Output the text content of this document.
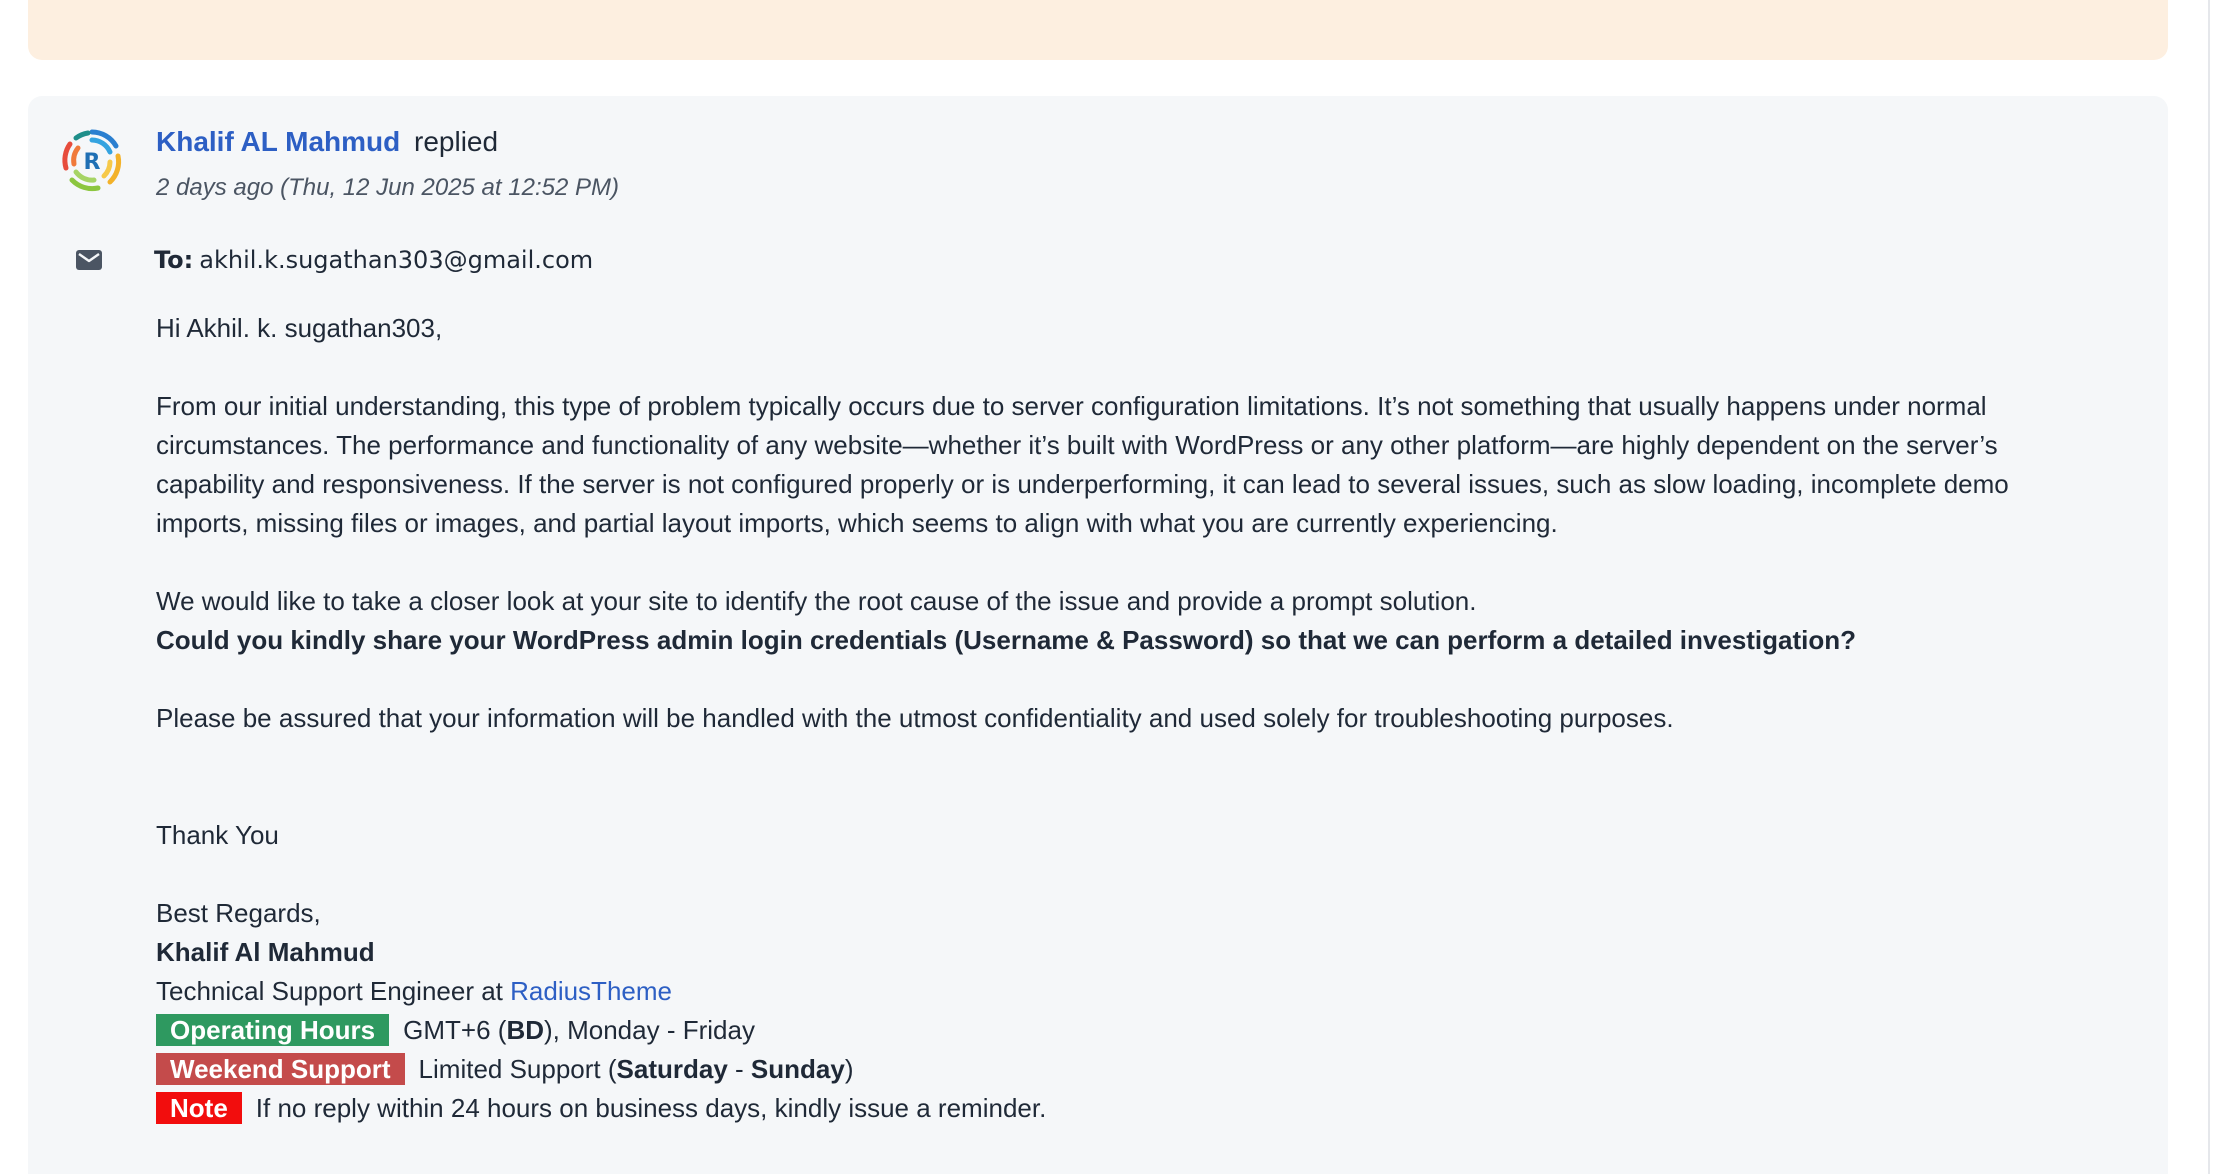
R
Khalif AL Mahmud replied
2 days ago (Thu, 12 Jun 2025 at 12:52 PM)
To: akhil.k.sugathan303@gmail.com
Hi Akhil. k. sugathan303,
From our initial understanding, this type of problem typically occurs due to server configuration limitations. It’s not something that usually happens under normal
circumstances. The performance and functionality of any website—whether it’s built with WordPress or any other platform—are highly dependent on the server’s
capability and responsiveness. If the server is not configured properly or is underperforming, it can lead to several issues, such as slow loading, incomplete demo
imports, missing files or images, and partial layout imports, which seems to align with what you are currently experiencing.
We would like to take a closer look at your site to identify the root cause of the issue and provide a prompt solution.
Could you kindly share your WordPress admin login credentials (Username & Password) so that we can perform a detailed investigation?
Please be assured that your information will be handled with the utmost confidentiality and used solely for troubleshooting purposes.
Thank You
Best Regards,
Khalif Al Mahmud
Technical Support Engineer at RadiusTheme
Operating Hours GMT+6 (BD), Monday - Friday
Weekend Support Limited Support (Saturday - Sunday)
Note If no reply within 24 hours on business days, kindly issue a reminder.
